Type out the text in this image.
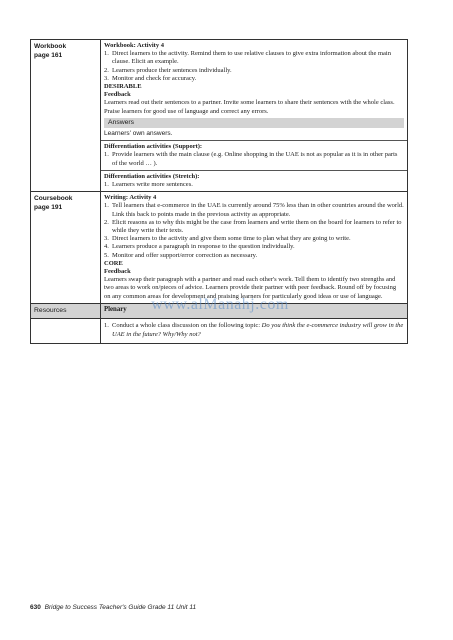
Workbook
page 161
Workbook: Activity 4
1. Direct learners to the activity. Remind them to use relative clauses to give extra information about the main clause. Elicit an example.
2. Learners produce their sentences individually.
3. Monitor and check for accuracy.
DESIRABLE
Feedback
Learners read out their sentences to a partner. Invite some learners to share their sentences with the whole class. Praise learners for good use of language and correct any errors.
Answers
Learners' own answers.
Differentiation activities (Support):
1. Provide learners with the main clause (e.g. Online shopping in the UAE is not as popular as it is in other parts of the world … ).
Differentiation activities (Stretch):
1. Learners write more sentences.
Coursebook
page 191
Writing: Activity 4
1. Tell learners that e-commerce in the UAE is currently around 75% less than in other countries around the world. Link this back to points made in the previous activity as appropriate.
2. Elicit reasons as to why this might be the case from learners and write them on the board for learners to refer to while they write their texts.
3. Direct learners to the activity and give them some time to plan what they are going to write.
4. Learners produce a paragraph in response to the question individually.
5. Monitor and offer support/error correction as necessary.
CORE
Feedback
Learners swap their paragraph with a partner and read each other's work. Tell them to identify two strengths and two areas to work on/pieces of advice. Learners provide their partner with peer feedback. Round off by focusing on any common areas for development and praising learners for particularly good ideas or use of language.
Resources	Plenary
1. Conduct a whole class discussion on the following topic: Do you think the e-commerce industry will grow in the UAE in the future? Why/Why not?
www.alManahj.com
630 Bridge to Success Teacher's Guide Grade 11 Unit 11
